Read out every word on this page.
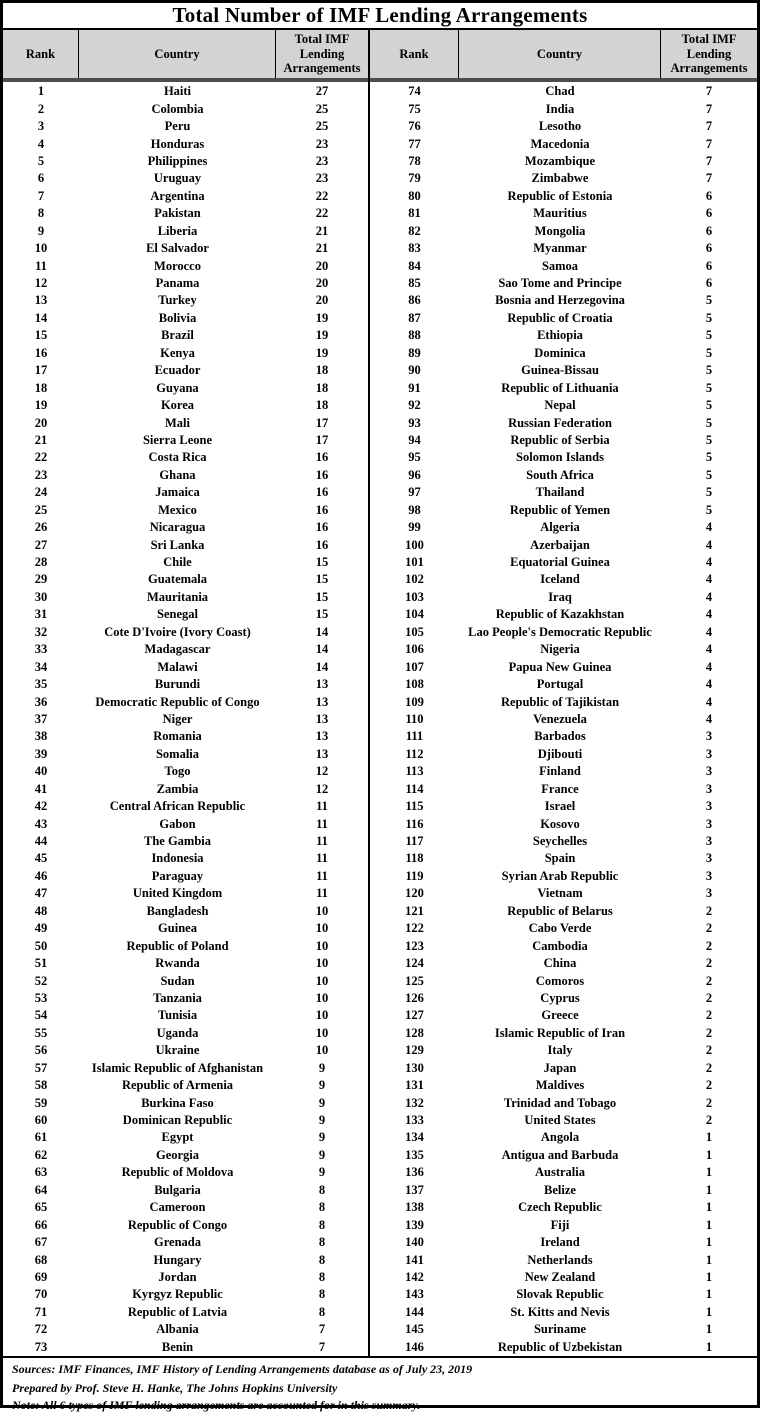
Total Number of IMF Lending Arrangements
Rank	Country
Total IMF Lending Arrangements
1	Haiti	27
2	Colombia	25
3	Peru	25
4	Honduras	23
5	Philippines	23
6	Uruguay	23
7	Argentina	22
8	Pakistan	22
9	Liberia	21
10	El Salvador	21
11	Morocco	20
12	Panama	20
13	Turkey	20
14	Bolivia	19
15	Brazil	19
16	Kenya	19
17	Ecuador	18
18	Guyana	18
19	Korea	18
20	Mali	17
21	Sierra Leone	17
22	Costa Rica	16
23	Ghana	16
24	Jamaica	16
25	Mexico	16
26	Nicaragua	16
27	Sri Lanka	16
28	Chile	15
29	Guatemala	15
30	Mauritania	15
31	Senegal	15
32	Cote D'Ivoire (Ivory Coast)	14
33	Madagascar	14
34	Malawi	14
35	Burundi	13
36	Democratic Republic of Congo	13
37	Niger	13
38	Romania	13
39	Somalia	13
40	Togo	12
41	Zambia	12
42	Central African Republic	11
43	Gabon	11
44	The Gambia	11
45	Indonesia	11
46	Paraguay	11
47	United Kingdom	11
48	Bangladesh	10
49	Guinea	10
50	Republic of Poland	10
51	Rwanda	10
52	Sudan	10
53	Tanzania	10
54	Tunisia	10
55	Uganda	10
56	Ukraine	10
57	Islamic Republic of Afghanistan	9
58	Republic of Armenia	9
59	Burkina Faso	9
60	Dominican Republic	9
61	Egypt	9
62	Georgia	9
63	Republic of Moldova	9
64	Bulgaria	8
65	Cameroon	8
66	Republic of Congo	8
67	Grenada	8
68	Hungary	8
69	Jordan	8
70	Kyrgyz Republic	8
71	Republic of Latvia	8
72	Albania	7
73	Benin	7
Rank	Country
Total IMF Lending Arrangements
74	Chad	7
75	India	7
76	Lesotho	7
77	Macedonia	7
78	Mozambique	7
79	Zimbabwe	7
80	Republic of Estonia	6
81	Mauritius	6
82	Mongolia	6
83	Myanmar	6
84	Samoa	6
85	Sao Tome and Principe	6
86	Bosnia and Herzegovina	5
87	Republic of Croatia	5
88	Ethiopia	5
89	Dominica	5
90	Guinea-Bissau	5
91	Republic of Lithuania	5
92	Nepal	5
93	Russian Federation	5
94	Republic of Serbia	5
95	Solomon Islands	5
96	South Africa	5
97	Thailand	5
98	Republic of Yemen	5
99	Algeria	4
100	Azerbaijan	4
101	Equatorial Guinea	4
102	Iceland	4
103	Iraq	4
104	Republic of Kazakhstan	4
105	Lao People's Democratic Republic	4
106	Nigeria	4
107	Papua New Guinea	4
108	Portugal	4
109	Republic of Tajikistan	4
110	Venezuela	4
111	Barbados	3
112	Djibouti	3
113	Finland	3
114	France	3
115	Israel	3
116	Kosovo	3
117	Seychelles	3
118	Spain	3
119	Syrian Arab Republic	3
120	Vietnam	3
121	Republic of Belarus	2
122	Cabo Verde	2
123	Cambodia	2
124	China	2
125	Comoros	2
126	Cyprus	2
127	Greece	2
128	Islamic Republic of Iran	2
129	Italy	2
130	Japan	2
131	Maldives	2
132	Trinidad and Tobago	2
133	United States	2
134	Angola	1
135	Antigua and Barbuda	1
136	Australia	1
137	Belize	1
138	Czech Republic	1
139	Fiji	1
140	Ireland	1
141	Netherlands	1
142	New Zealand	1
143	Slovak Republic	1
144	St. Kitts and Nevis	1
145	Suriname	1
146	Republic of Uzbekistan	1
Sources: IMF Finances, IMF History of Lending Arrangements database as of July 23, 2019
Prepared by Prof. Steve H. Hanke, The Johns Hopkins University
Note: All 6 types of IMF lending arrangements are accounted for in this summary.
